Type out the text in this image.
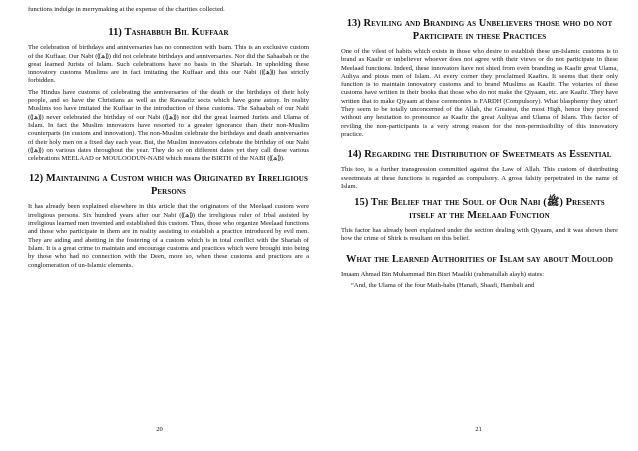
functions indulge in merrymaking at the expense of the charities collected.

11) Tashabbuh Bil Kuffaar

The celebration of birthdays and anniversaries has no connection with Isam. This is an exclusive custom of the Kuffaar. Our Nabi (⸨ھ⸩) did not celebrate birthdays and anniversaries. Nor did the Sahaabah or the great learned Jurists of Islam. Such celebrations have no basis in the Shariah. In upholding these innovatory customs Muslims are in fact imitating the Kuffaar and this our Nabi (⸨ھ⸩) has strictly forbidden.

The Hindus have customs of celebrating the anniversaries of the death or the birthdays of their holy people, and so have the Christians as well as the Rawaafiz sects which have gone astray. In reality Muslims too have imitated the Kuffaar in the introduction of these customs. The Sahaabah of our Nabi (⸨ھ⸩) never celebrated the birthday of our Nabi (⸨ھ⸩) nor did the great learned Jurists and Ulama of Islam. In fact the Muslim innovators have resorted to a greater ignorance than their non-Muslim counterparts (in custom and innovation). The non-Muslim celebrate the birthdays and death anniversaries of their holy men on a fixed day each year. But, the Muslim innovators celebrate the birthday of our Nabi (⸨ھ⸩) on various dates throughout the year. They do so on different dates yet they call these various celebrations MEELAAD or MOULOODUN-NABI which means the BIRTH of the NABI (⸨ھ⸩).

12) Maintaining a Custom which was Originated by Irreligious Persons

It has already been explained elsewhere in this article that the originators of the Meelaad custom were irreligious persons. Six hundred years after our Nabi (⸨ھ⸩) the irreligious ruler of Irbal assisted by irreligious learned men invented and established this custom. Thus, those who organize Meelaad functions and those who participate in them are in reality assisting to establish a practice introduced by evil men. They are aiding and abetting in the fostering of a custom which is in total conflict with the Shariah of Islam. It is a great crime to maintain and encourage customs and practices which were brought into being by those who had no connection with the Deen, more so, when these customs and practices are a conglomeration of un-Islamic elements.

20
13) Reviling and Branding as Unbelievers those who do not Participate in these Practices

One of the vilest of habits which exists in those who desire to establish these un-Islamic customs is to brand as Kaafir or unbeliever whoever does not agree with their views or do not participate in these Meelaad functions. Indeed, these innovators have not shied from even branding as Kaafir great Ulama, Auliya and pious men of Islam. At every corner they proclaimed Kaafirs. It seems that their only function is to maintain innovatory customs and to brand Muslims as Kaafir. The votaries of these customs have written in their books that those who do not make the Qiyaam, etc. are Kaafir. They have written that to make Qiyaam at these ceremonies is FARDH (Compulsory). What blasphemy they utter! They seem to be totally unconcerned of the Allah, the Greatest, the most High, hence they proceed without any hesitation to pronounce as Kaafir the great Auliyaa and Ulama of Islam. This factor of reviling the non-participants is a very strong reason for the non-permissibility of this innovatory practice.

14) Regarding the Distribution of Sweetmeats as Essential

This too, is a further transgression committed against the Law of Allah. This custom of distributing sweetmeats at these functions is regarded as compulsory. A gross falsity perpetrated in the name of Islam.

15) The Belief that the Soul of Our Nabi (ﷺ) Presents itself at the Meelaad Function

This factor has already been explained under the section dealing with Qiyaam, and it was shown there how the crime of Shirk is resultant on this belief.

What the Learned Authorities of Islam say about Moulood

Imaam Ahmad Bin Muhammad Bin Bisri Maaliki (rahmatullah alayh) states:

“And, the Ulama of the four Math-habs (Hanafi, Shaafi, Hambali and

21
